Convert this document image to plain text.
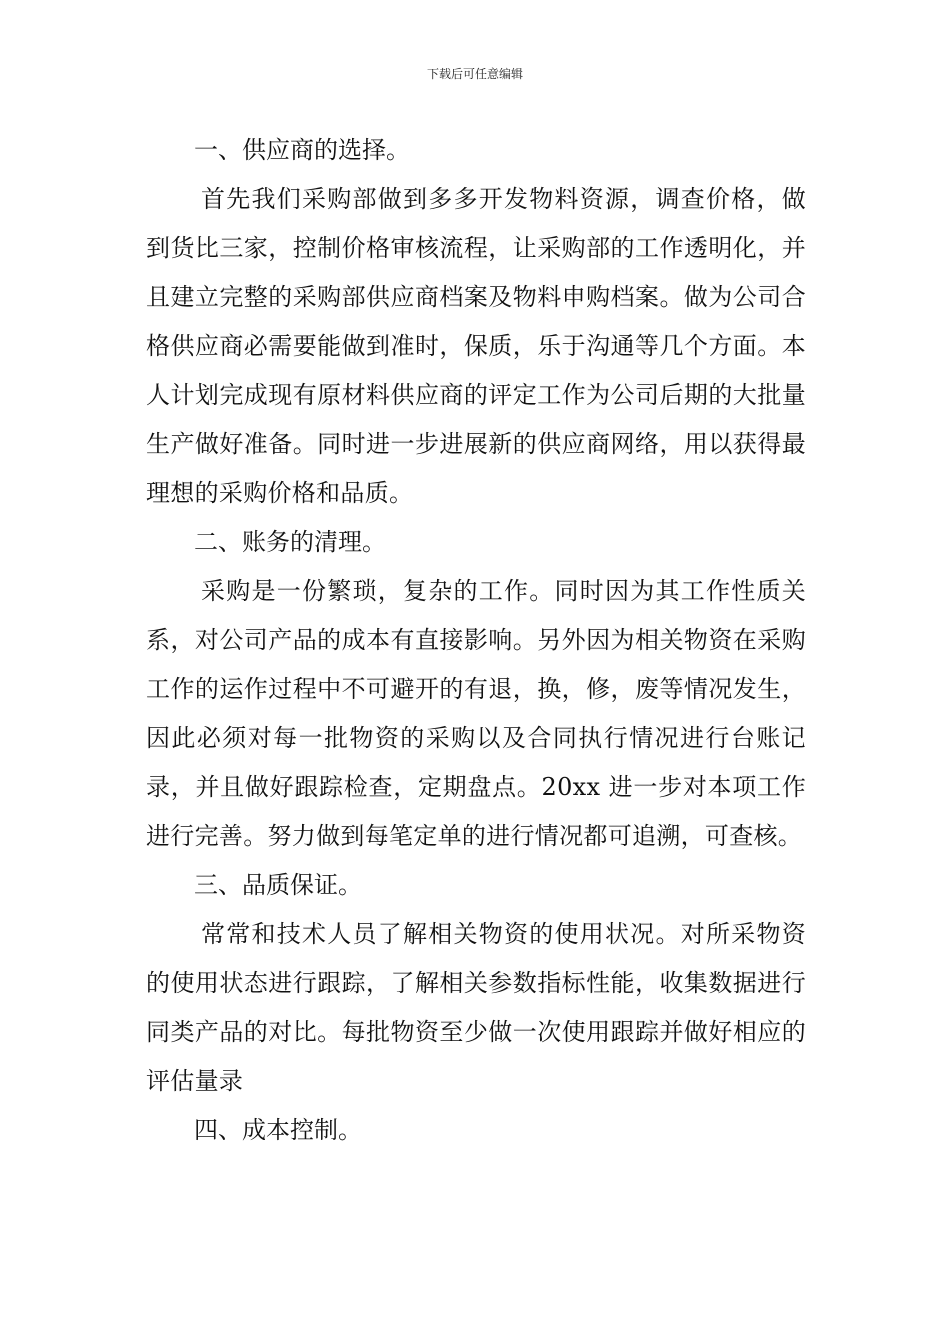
下载后可任意编辑

一、供应商的选择。

首先我们采购部做到多多开发物料资源，调查价格，做到货比三家，控制价格审核流程，让采购部的工作透明化，并且建立完整的采购部供应商档案及物料申购档案。做为公司合格供应商必需要能做到准时，保质，乐于沟通等几个方面。本人计划完成现有原材料供应商的评定工作为公司后期的大批量生产做好准备。同时进一步进展新的供应商网络，用以获得最理想的采购价格和品质。

二、账务的清理。

采购是一份繁琐，复杂的工作。同时因为其工作性质关系，对公司产品的成本有直接影响。另外因为相关物资在采购工作的运作过程中不可避开的有退，换，修，废等情况发生，因此必须对每一批物资的采购以及合同执行情况进行台账记录，并且做好跟踪检查，定期盘点。20xx 进一步对本项工作进行完善。努力做到每笔定单的进行情况都可追溯，可查核。

三、品质保证。

常常和技术人员了解相关物资的使用状况。对所采物资的使用状态进行跟踪，了解相关参数指标性能，收集数据进行同类产品的对比。每批物资至少做一次使用跟踪并做好相应的评估量录

四、成本控制。
